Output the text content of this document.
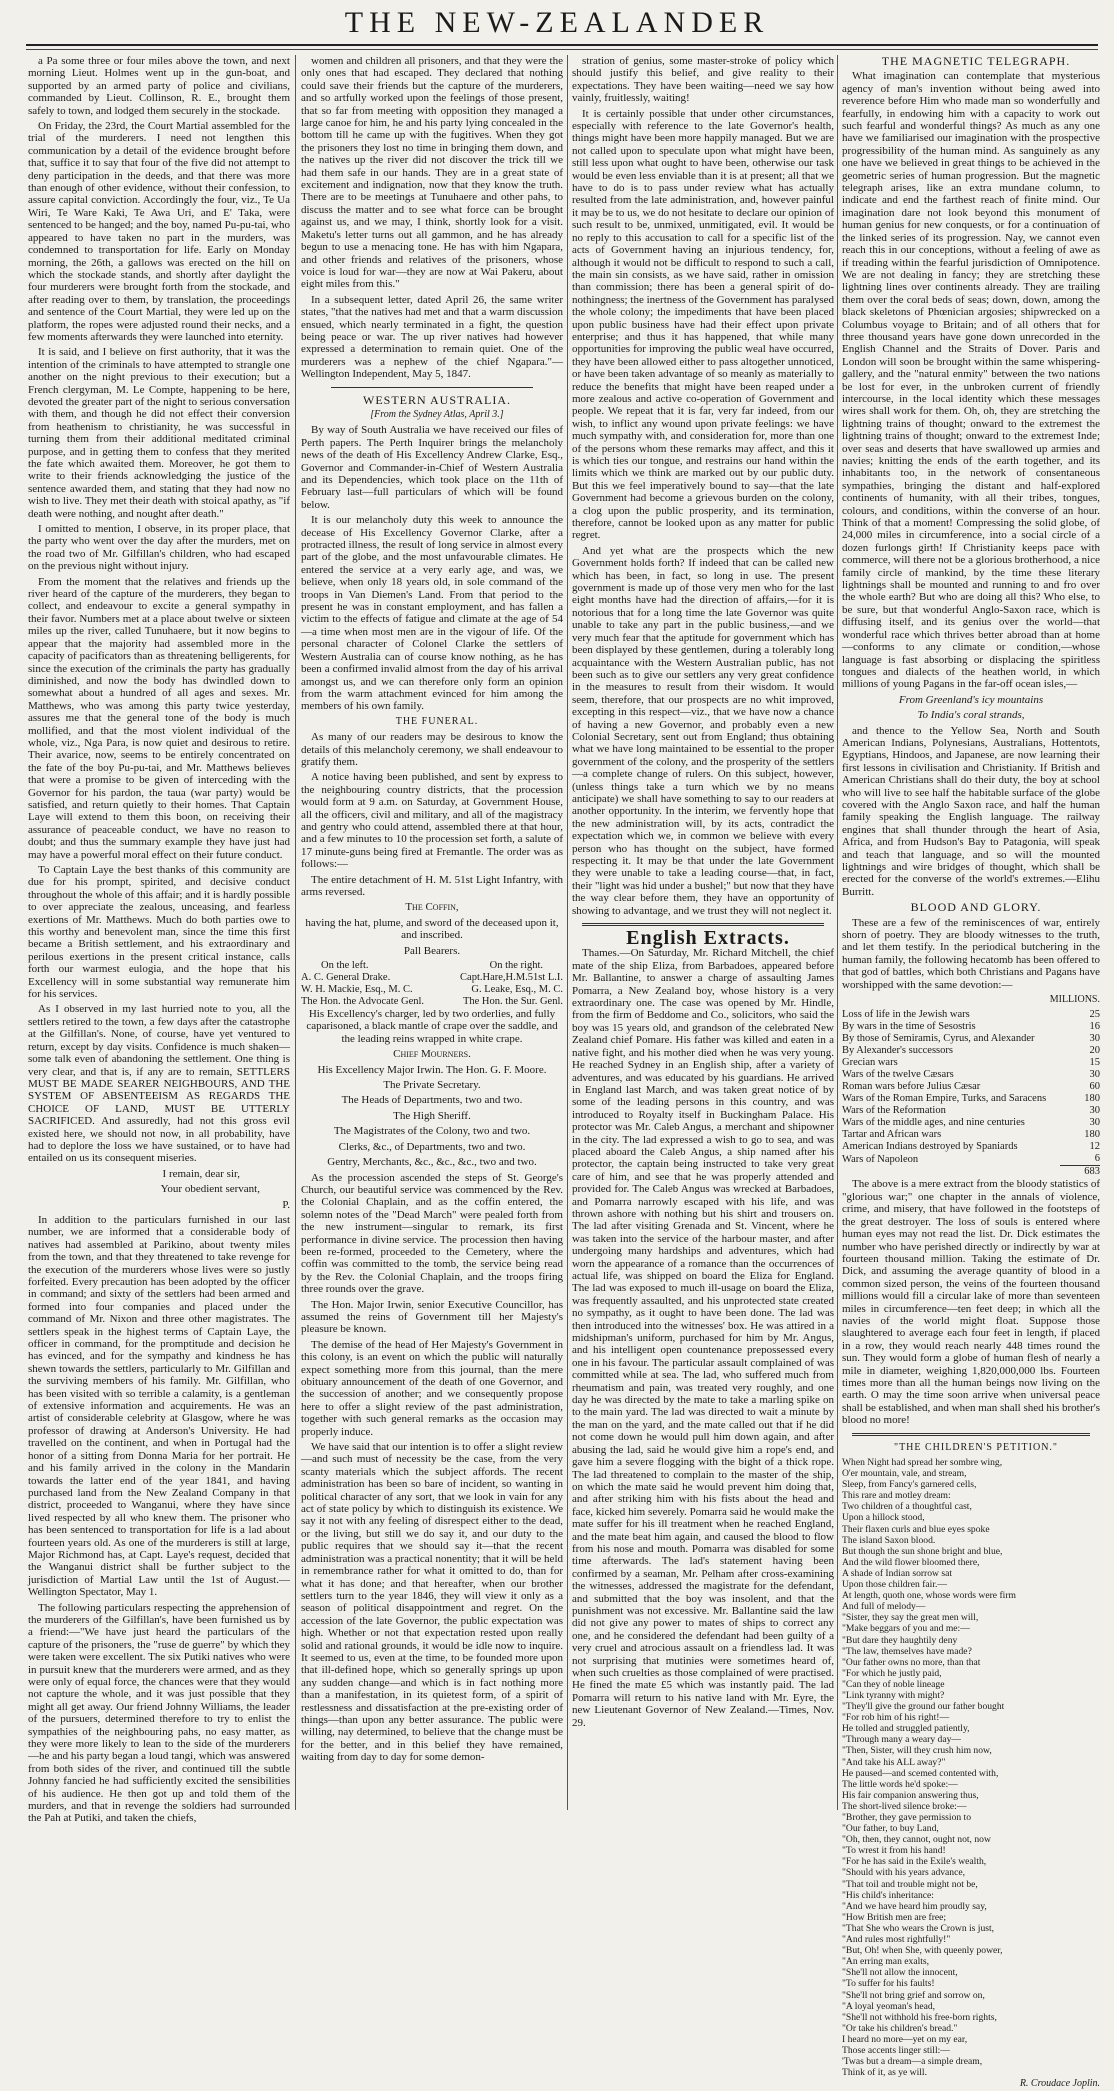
THE NEW-ZEALANDER

a Pa some three or four miles above the town, and next morning Lieut. Holmes went up in the gun-boat, and supported by an armed party of police and civilians, commanded by Lieut. Collinson, R. E., brought them safely to town, and lodged them securely in the stockade.

On Friday, the 23rd, the Court Martial assembled for the trial of the murderers. I need not lengthen this communication by a detail of the evidence brought before that, suffice it to say that four of the five did not attempt to deny participation in the deeds, and that there was more than enough of other evidence, without their confession, to assure capital conviction. Accordingly the four, viz., Te Ua Wiri, Te Ware Kaki, Te Awa Uri, and E' Taka, were sentenced to be hanged; and the boy, named Pu-pu-tai, who appeared to have taken no part in the murders, was condemned to transportation for life. Early on Monday morning, the 26th, a gallows was erected on the hill on which the stockade stands, and shortly after daylight the four murderers were brought forth from the stockade, and after reading over to them, by translation, the proceedings and sentence of the Court Martial, they were led up on the platform, the ropes were adjusted round their necks, and a few moments afterwards they were launched into eternity.

It is said, and I believe on first authority, that it was the intention of the criminals to have attempted to strangle one another on the night previous to their execution; but a French clergyman, M. Le Compte, happening to be here, devoted the greater part of the night to serious conversation with them, and though he did not effect their conversion from heathenism to christianity, he was successful in turning them from their additional meditated criminal purpose, and in getting them to confess that they merited the fate which awaited them. Moreover, he got them to write to their friends acknowledging the justice of the sentence awarded them, and stating that they had now no wish to live. They met their death with stoical apathy, as "if death were nothing, and nought after death."

I omitted to mention, I observe, in its proper place, that the party who went over the day after the murders, met on the road two of Mr. Gilfillan's children, who had escaped on the previous night without injury.

From the moment that the relatives and friends up the river heard of the capture of the murderers, they began to collect, and endeavour to excite a general sympathy in their favor. Numbers met at a place about twelve or sixteen miles up the river, called Tunuhaere, but it now begins to appear that the majority had assembled more in the capacity of pacificators than as threatening belligerents, for since the execution of the criminals the party has gradually diminished, and now the body has dwindled down to somewhat about a hundred of all ages and sexes. Mr. Matthews, who was among this party twice yesterday, assures me that the general tone of the body is much mollified, and that the most violent individual of the whole, viz., Nga Para, is now quiet and desirous to retire. Their avarice, now, seems to be entirely concentrated on the fate of the boy Pu-pu-tai, and Mr. Matthews believes that were a promise to be given of interceding with the Governor for his pardon, the taua (war party) would be satisfied, and return quietly to their homes. That Captain Laye will extend to them this boon, on receiving their assurance of peaceable conduct, we have no reason to doubt; and thus the summary example they have just had may have a powerful moral effect on their future conduct.

To Captain Laye the best thanks of this community are due for his prompt, spirited, and decisive conduct throughout the whole of this affair; and it is hardly possible to over appreciate the zealous, unceasing, and fearless exertions of Mr. Matthews. Much do both parties owe to this worthy and benevolent man, since the time this first became a British settlement, and his extraordinary and perilous exertions in the present critical instance, calls forth our warmest eulogia, and the hope that his Excellency will in some substantial way remunerate him for his services.

As I observed in my last hurried note to you, all the settlers retired to the town, a few days after the catastrophe at the Gilfillan's. None, of course, have yet ventured to return, except by day visits. Confidence is much shaken—some talk even of abandoning the settlement. One thing is very clear, and that is, if any are to remain, SETTLERS MUST BE MADE SEARER NEIGHBOURS, AND THE SYSTEM OF ABSENTEEISM AS REGARDS THE CHOICE OF LAND, MUST BE UTTERLY SACRIFICED. And assuredly, had not this gross evil existed here, we should not now, in all probability, have had to deplore the loss we have sustained, or to have had entailed on us its consequent miseries.

I remain, dear sir,

Your obedient servant,

P.

In addition to the particulars furnished in our last number, we are informed that a considerable body of natives had assembled at Parikino, about twenty miles from the town, and that they threatened to take revenge for the execution of the murderers whose lives were so justly forfeited. Every precaution has been adopted by the officer in command; and sixty of the settlers had been armed and formed into four companies and placed under the command of Mr. Nixon and three other magistrates. The settlers speak in the highest terms of Captain Laye, the officer in command, for the promptitude and decision he has evinced, and for the sympathy and kindness he has shewn towards the settlers, particularly to Mr. Gilfillan and the surviving members of his family. Mr. Gilfillan, who has been visited with so terrible a calamity, is a gentleman of extensive information and acquirements. He was an artist of considerable celebrity at Glasgow, where he was professor of drawing at Anderson's University. He had travelled on the continent, and when in Portugal had the honor of a sitting from Donna Maria for her portrait. He and his family arrived in the colony in the Mandarin towards the latter end of the year 1841, and having purchased land from the New Zealand Company in that district, proceeded to Wanganui, where they have since lived respected by all who knew them. The prisoner who has been sentenced to transportation for life is a lad about fourteen years old. As one of the murderers is still at large, Major Richmond has, at Capt. Laye's request, decided that the Wanganui district shall be further subject to the jurisdiction of Martial Law until the 1st of August.—Wellington Spectator, May 1.

The following particulars respecting the apprehension of the murderers of the Gilfillan's, have been furnished us by a friend:—"We have just heard the particulars of the capture of the prisoners, the "ruse de guerre" by which they were taken were excellent. The six Putiki natives who were in pursuit knew that the murderers were armed, and as they were only of equal force, the chances were that they would not capture the whole, and it was just possible that they might all get away. Our friend Johnny Williams, the leader of the pursuers, determined therefore to try to enlist the sympathies of the neighbouring pahs, no easy matter, as they were more likely to lean to the side of the murderers—he and his party began a loud tangi, which was answered from both sides of the river, and continued till the subtle Johnny fancied he had sufficiently excited the sensibilities of his audience. He then got up and told them of the murders, and that in revenge the soldiers had surrounded the Pah at Putiki, and taken the chiefs,

women and children all prisoners, and that they were the only ones that had escaped. They declared that nothing could save their friends but the capture of the murderers, and so artfully worked upon the feelings of those present, that so far from meeting with opposition they managed a large canoe for him, he and his party lying concealed in the bottom till he came up with the fugitives. When they got the prisoners they lost no time in bringing them down, and the natives up the river did not discover the trick till we had them safe in our hands. They are in a great state of excitement and indignation, now that they know the truth. There are to be meetings at Tunuhaere and other pahs, to discuss the matter and to see what force can be brought against us, and we may, I think, shortly look for a visit. Maketu's letter turns out all gammon, and he has already begun to use a menacing tone. He has with him Ngapara, and other friends and relatives of the prisoners, whose voice is loud for war—they are now at Wai Pakeru, about eight miles from this."

In a subsequent letter, dated April 26, the same writer states, "that the natives had met and that a warm discussion ensued, which nearly terminated in a fight, the question being peace or war. The up river natives had however expressed a determination to remain quiet. One of the murderers was a nephew of the chief Ngapara."—Wellington Independent, May 5, 1847.

WESTERN AUSTRALIA.

[From the Sydney Atlas, April 3.]

By way of South Australia we have received our files of Perth papers. The Perth Inquirer brings the melancholy news of the death of His Excellency Andrew Clarke, Esq., Governor and Commander-in-Chief of Western Australia and its Dependencies, which took place on the 11th of February last—full particulars of which will be found below.

It is our melancholy duty this week to announce the decease of His Excellency Governor Clarke, after a protracted illness, the result of long service in almost every part of the globe, and the most unfavourable climates. He entered the service at a very early age, and was, we believe, when only 18 years old, in sole command of the troops in Van Diemen's Land. From that period to the present he was in constant employment, and has fallen a victim to the effects of fatigue and climate at the age of 54—a time when most men are in the vigour of life. Of the personal character of Colonel Clarke the settlers of Western Australia can of course know nothing, as he has been a confirmed invalid almost from the day of his arrival amongst us, and we can therefore only form an opinion from the warm attachment evinced for him among the members of his own family.

THE FUNERAL.

As many of our readers may be desirous to know the details of this melancholy ceremony, we shall endeavour to gratify them.

A notice having been published, and sent by express to the neighbouring country districts, that the procession would form at 9 a.m. on Saturday, at Government House, all the officers, civil and military, and all of the magistracy and gentry who could attend, assembled there at that hour, and a few minutes to 10 the procession set forth, a salute of 17 minute-guns being fired at Fremantle. The order was as follows:—

The entire detachment of H. M. 51st Light Infantry, with arms reversed.

The Coffin,

having the hat, plume, and sword of the deceased upon it, and inscribed.

Pall Bearers.

On the left.	On the right.
A. C. General Drake.	Capt.Hare,H.M.51st L.I.
W. H. Mackie, Esq., M. C.	G. Leake, Esq., M. C.
The Hon. the Advocate Genl.	The Hon. the Sur. Genl.

His Excellency's charger, led by two orderlies, and fully caparisoned, a black mantle of crape over the saddle, and the leading reins wrapped in white crape.

Chief Mourners.

His Excellency Major Irwin. The Hon. G. F. Moore.

The Private Secretary.

The Heads of Departments, two and two.

The High Sheriff.

The Magistrates of the Colony, two and two.

Clerks, &c., of Departments, two and two.

Gentry, Merchants, &c., &c., &c., two and two.

As the procession ascended the steps of St. George's Church, our beautiful service was commenced by the Rev. the Colonial Chaplain, and as the coffin entered, the solemn notes of the "Dead March" were pealed forth from the new instrument—singular to remark, its first performance in divine service. The procession then having been re-formed, proceeded to the Cemetery, where the coffin was committed to the tomb, the service being read by the Rev. the Colonial Chaplain, and the troops firing three rounds over the grave.

The Hon. Major Irwin, senior Executive Councillor, has assumed the reins of Government till her Majesty's pleasure be known.

The demise of the head of Her Majesty's Government in this colony, is an event on which the public will naturally expect something more from this journal, than the mere obituary announcement of the death of one Governor, and the succession of another; and we consequently propose here to offer a slight review of the past administration, together with such general remarks as the occasion may properly induce.

We have said that our intention is to offer a slight review—and such must of necessity be the case, from the very scanty materials which the subject affords. The recent administration has been so bare of incident, so wanting in political character of any sort, that we look in vain for any act of state policy by which to distinguish its existence. We say it not with any feeling of disrespect either to the dead, or the living, but still we do say it, and our duty to the public requires that we should say it—that the recent administration was a practical nonentity; that it will be held in remembrance rather for what it omitted to do, than for what it has done; and that hereafter, when our brother settlers turn to the year 1846, they will view it only as a season of political disappointment and regret. On the accession of the late Governor, the public expectation was high. Whether or not that expectation rested upon really solid and rational grounds, it would be idle now to inquire. It seemed to us, even at the time, to be founded more upon that ill-defined hope, which so generally springs up upon any sudden change—and which is in fact nothing more than a manifestation, in its quietest form, of a spirit of restlessness and dissatisfaction at the pre-existing order of things—than upon any better assurance. The public were willing, nay determined, to believe that the change must be for the better, and in this belief they have remained, waiting from day to day for some demon-

stration of genius, some master-stroke of policy which should justify this belief, and give reality to their expectations. They have been waiting—need we say how vainly, fruitlessly, waiting!

It is certainly possible that under other circumstances, especially with reference to the late Governor's health, things might have been more happily managed. But we are not called upon to speculate upon what might have been, still less upon what ought to have been, otherwise our task would be even less enviable than it is at present; all that we have to do is to pass under review what has actually resulted from the late administration, and, however painful it may be to us, we do not hesitate to declare our opinion of such result to be, unmixed, unmitigated, evil. It would be no reply to this accusation to call for a specific list of the acts of Government having an injurious tendency, for, although it would not be difficult to respond to such a call, the main sin consists, as we have said, rather in omission than commission; there has been a general spirit of do-nothingness; the inertness of the Government has paralysed the whole colony; the impediments that have been placed upon public business have had their effect upon private enterprise; and thus it has happened, that while many opportunities for improving the public weal have occurred, they have been allowed either to pass altogether unnoticed, or have been taken advantage of so meanly as materially to reduce the benefits that might have been reaped under a more zealous and active co-operation of Government and people. We repeat that it is far, very far indeed, from our wish, to inflict any wound upon private feelings: we have much sympathy with, and consideration for, more than one of the persons whom these remarks may affect, and this it is which ties our tongue, and restrains our hand within the limits which we think are marked out by our public duty. But this we feel imperatively bound to say—that the late Government had become a grievous burden on the colony, a clog upon the public prosperity, and its termination, therefore, cannot be looked upon as any matter for public regret.

And yet what are the prospects which the new Government holds forth? If indeed that can be called new which has been, in fact, so long in use. The present government is made up of those very men who for the last eight months have had the direction of affairs,—for it is notorious that for a long time the late Governor was quite unable to take any part in the public business,—and we very much fear that the aptitude for government which has been displayed by these gentlemen, during a tolerably long acquaintance with the Western Australian public, has not been such as to give our settlers any very great confidence in the measures to result from their wisdom. It would seem, therefore, that our prospects are no whit improved, excepting in this respect—viz., that we have now a chance of having a new Governor, and probably even a new Colonial Secretary, sent out from England; thus obtaining what we have long maintained to be essential to the proper government of the colony, and the prosperity of the settlers—a complete change of rulers. On this subject, however, (unless things take a turn which we by no means anticipate) we shall have something to say to our readers at another opportunity. In the interim, we fervently hope that the new administration will, by its acts, contradict the expectation which we, in common we believe with every person who has thought on the subject, have formed respecting it. It may be that under the late Government they were unable to take a leading course—that, in fact, their "light was hid under a bushel;" but now that they have the way clear before them, they have an opportunity of showing to advantage, and we trust they will not neglect it.

English Extracts.

Thames.—On Saturday, Mr. Richard Mitchell, the chief mate of the ship Eliza, from Barbadoes, appeared before Mr. Ballantine, to answer a charge of assaulting James Pomarra, a New Zealand boy, whose history is a very extraordinary one. The case was opened by Mr. Hindle, from the firm of Beddome and Co., solicitors, who said the boy was 15 years old, and grandson of the celebrated New Zealand chief Pomare. His father was killed and eaten in a native fight, and his mother died when he was very young. He reached Sydney in an English ship, after a variety of adventures, and was educated by his guardians. He arrived in England last March, and was taken great notice of by some of the leading persons in this country, and was introduced to Royalty itself in Buckingham Palace. His protector was Mr. Caleb Angus, a merchant and shipowner in the city. The lad expressed a wish to go to sea, and was placed aboard the Caleb Angus, a ship named after his protector, the captain being instructed to take very great care of him, and see that he was properly attended and provided for. The Caleb Angus was wrecked at Barbadoes, and Pomarra narrowly escaped with his life, and was thrown ashore with nothing but his shirt and trousers on. The lad after visiting Grenada and St. Vincent, where he was taken into the service of the harbour master, and after undergoing many hardships and adventures, which had worn the appearance of a romance than the occurrences of actual life, was shipped on board the Eliza for England. The lad was exposed to much ill-usage on board the Eliza, was frequently assaulted, and his unprotected state created no sympathy, as it ought to have been done. The lad was then introduced into the witnesses' box. He was attired in a midshipman's uniform, purchased for him by Mr. Angus, and his intelligent open countenance prepossessed every one in his favour. The particular assault complained of was committed while at sea. The lad, who suffered much from rheumatism and pain, was treated very roughly, and one day he was directed by the mate to take a marling spike on to the main yard. The lad was directed to wait a minute by the man on the yard, and the mate called out that if he did not come down he would pull him down again, and after abusing the lad, said he would give him a rope's end, and gave him a severe flogging with the bight of a thick rope. The lad threatened to complain to the master of the ship, on which the mate said he would prevent him doing that, and after striking him with his fists about the head and face, kicked him severely. Pomarra said he would make the mate suffer for his ill treatment when he reached England, and the mate beat him again, and caused the blood to flow from his nose and mouth. Pomarra was disabled for some time afterwards. The lad's statement having been confirmed by a seaman, Mr. Pelham after cross-examining the witnesses, addressed the magistrate for the defendant, and submitted that the boy was insolent, and that the punishment was not excessive. Mr. Ballantine said the law did not give any power to mates of ships to correct any one, and he considered the defendant had been guilty of a very cruel and atrocious assault on a friendless lad. It was not surprising that mutinies were sometimes heard of, when such cruelties as those complained of were practised. He fined the mate £5 which was instantly paid. The lad Pomarra will return to his native land with Mr. Eyre, the new Lieutenant Governor of New Zealand.—Times, Nov. 29.

THE MAGNETIC TELEGRAPH.

What imagination can contemplate that mysterious agency of man's invention without being awed into reverence before Him who made man so wonderfully and fearfully, in endowing him with a capacity to work out such fearful and wonderful things? As much as any one have we familiarised our imagination with the prospective progressibility of the human mind. As sanguinely as any one have we believed in great things to be achieved in the geometric series of human progression. But the magnetic telegraph arises, like an extra mundane column, to indicate and end the farthest reach of finite mind. Our imagination dare not look beyond this monument of human genius for new conquests, or for a continuation of the linked series of its progression. Nay, we cannot even reach this in our conceptions, without a feeling of awe as if treading within the fearful jurisdiction of Omnipotence. We are not dealing in fancy; they are stretching these lightning lines over continents already. They are trailing them over the coral beds of seas; down, down, among the black skeletons of Phœnician argosies; shipwrecked on a Columbus voyage to Britain; and of all others that for three thousand years have gone down unrecorded in the English Channel and the Straits of Dover. Paris and London will soon be brought within the same whispering-gallery, and the "natural enmity" between the two nations be lost for ever, in the unbroken current of friendly intercourse, in the local identity which these messages wires shall work for them. Oh, oh, they are stretching the lightning trains of thought; onward to the extremest the lightning trains of thought; onward to the extremest Inde; over seas and deserts that have swallowed up armies and navies; knitting the ends of the earth together, and its inhabitants too, in the network of consentaneous sympathies, bringing the distant and half-explored continents of humanity, with all their tribes, tongues, colours, and conditions, within the converse of an hour. Think of that a moment! Compressing the solid globe, of 24,000 miles in circumference, into a social circle of a dozen furlongs girth! If Christianity keeps pace with commerce, will there not be a glorious brotherhood, a nice family circle of mankind, by the time these literary lightnings shall be mounted and running to and fro over the whole earth? But who are doing all this? Who else, to be sure, but that wonderful Anglo-Saxon race, which is diffusing itself, and its genius over the world—that wonderful race which thrives better abroad than at home—conforms to any climate or condition,—whose language is fast absorbing or displacing the spiritless tongues and dialects of the heathen world, in which millions of young Pagans in the far-off ocean isles,—

From Greenland's icy mountains

To India's coral strands,

and thence to the Yellow Sea, North and South American Indians, Polynesians, Australians, Hottentots, Egyptians, Hindoos, and Japanese, are now learning their first lessons in civilisation and Christianity. If British and American Christians shall do their duty, the boy at school who will live to see half the habitable surface of the globe covered with the Anglo Saxon race, and half the human family speaking the English language. The railway engines that shall thunder through the heart of Asia, Africa, and from Hudson's Bay to Patagonia, will speak and teach that language, and so will the mounted lightnings and wire bridges of thought, which shall be erected for the converse of the world's extremes.—Elihu Burritt.

BLOOD AND GLORY.

These are a few of the reminiscences of war, entirely shorn of poetry. They are bloody witnesses to the truth, and let them testify. In the periodical butchering in the human family, the following hecatomb has been offered to that god of battles, which both Christians and Pagans have worshipped with the same devotion:—

MILLIONS.

Loss of life in the Jewish wars	25
By wars in the time of Sesostris	16
By those of Semiramis, Cyrus, and Alexander	30
By Alexander's successors	20
Grecian wars	15
Wars of the twelve Cæsars	30
Roman wars before Julius Cæsar	60
Wars of the Roman Empire, Turks, and Saracens	180
Wars of the Reformation	30
Wars of the middle ages, and nine centuries	30
Tartar and African wars	180
American Indians destroyed by Spaniards	12
Wars of Napoleon	6
	683

The above is a mere extract from the bloody statistics of "glorious war;" one chapter in the annals of violence, crime, and misery, that have followed in the footsteps of the great destroyer. The loss of souls is entered where human eyes may not read the list. Dr. Dick estimates the number who have perished directly or indirectly by war at fourteen thousand million. Taking the estimate of Dr. Dick, and assuming the average quantity of blood in a common sized person, the veins of the fourteen thousand millions would fill a circular lake of more than seventeen miles in circumference—ten feet deep; in which all the navies of the world might float. Suppose those slaughtered to average each four feet in length, if placed in a row, they would reach nearly 448 times round the sun. They would form a globe of human flesh of nearly a mile in diameter, weighing 1,820,000,000 lbs. Fourteen times more than all the human beings now living on the earth. O may the time soon arrive when universal peace shall be established, and when man shall shed his brother's blood no more!

"THE CHILDREN'S PETITION."

When Night had spread her sombre wing,

O'er mountain, vale, and stream,

Sleep, from Fancy's garnered cells,

This rare and motley dream:

Two children of a thoughtful cast,

Upon a hillock stood,

Their flaxen curls and blue eyes spoke

The island Saxon blood.

But though the sun shone bright and blue,

And the wild flower bloomed there,

A shade of Indian sorrow sat

Upon those children fair.—

At length, quoth one, whose words were firm

And full of melody—

"Sister, they say the great men will,

"Make beggars of you and me:—

"But dare they haughtily deny

"The law, themselves have made?

"Our father owns no more, than that

"For which he justly paid,

"Can they of noble lineage

"Link tyranny with might?

"They'll give the ground our father bought

"For rob him of his right!—

He tolled and struggled patiently,

"Through many a weary day—

"Then, Sister, will they crush him now,

"And take his ALL away?"

He paused—and scemed contented with,

The little words he'd spoke:—

His fair companion answering thus,

The short-lived silence broke:—

"Brother, they gave permission to

"Our father, to buy Land,

"Oh, then, they cannot, ought not, now

"To wrest it from his hand!

"For he has said in the Exile's wealth,

"Should with his years advance,

"That toil and trouble might not be,

"His child's inheritance:

"And we have heard him proudly say,

"How British men are free;

"That She who wears the Crown is just,

"And rules most rightfully!"

"But, Oh! when She, with queenly power,

"An erring man exalts,

"She'll not allow the innocent,

"To suffer for his faults!

"She'll not bring grief and sorrow on,

"A loyal yeoman's head,

"She'll not withhold his free-born rights,

"Or take his children's bread."

I heard no more—yet on my ear,

Those accents linger still:—

'Twas but a dream—a simple dream,

Think of it, as ye will.

R. Croudace Joplin.
